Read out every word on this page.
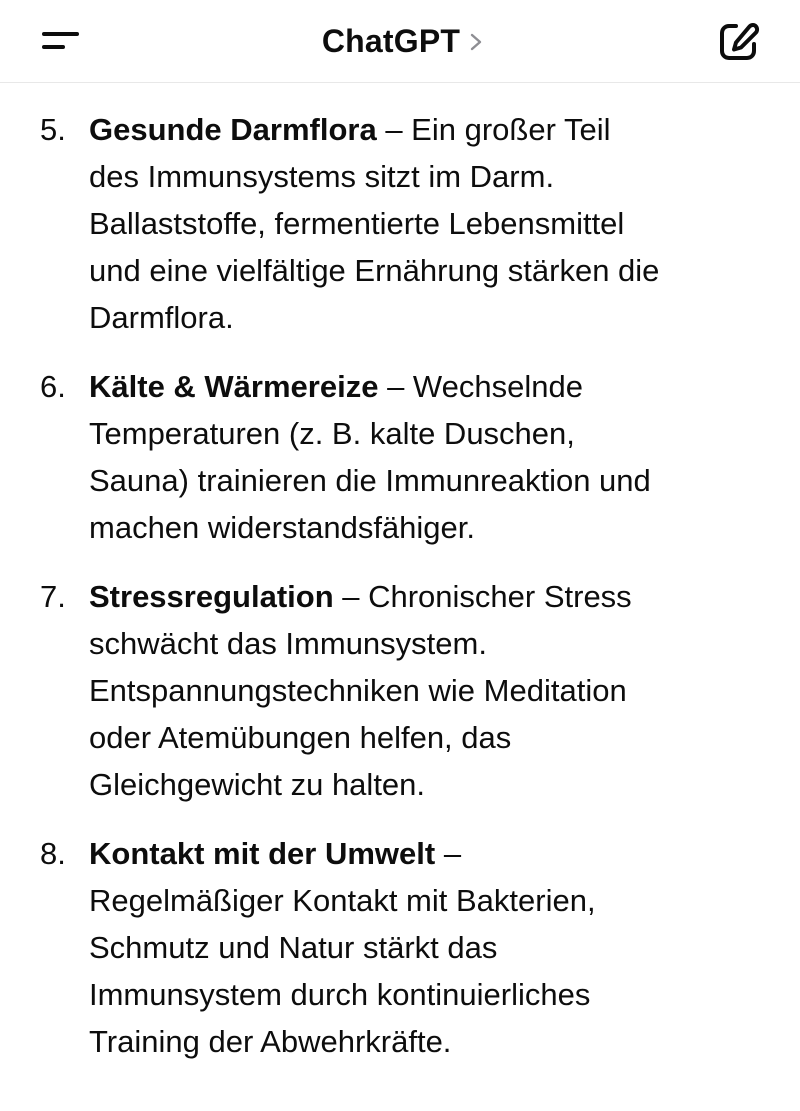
ChatGPT
5. Gesunde Darmflora – Ein großer Teil
des Immunsystems sitzt im Darm.
Ballaststoffe, fermentierte Lebensmittel
und eine vielfältige Ernährung stärken die
Darmflora.
6. Kälte & Wärmereize – Wechselnde
Temperaturen (z. B. kalte Duschen,
Sauna) trainieren die Immunreaktion und
machen widerstandsfähiger.
7. Stressregulation – Chronischer Stress
schwächt das Immunsystem.
Entspannungstechniken wie Meditation
oder Atemübungen helfen, das
Gleichgewicht zu halten.
8. Kontakt mit der Umwelt –
Regelmäßiger Kontakt mit Bakterien,
Schmutz und Natur stärkt das
Immunsystem durch kontinuierliches
Training der Abwehrkräfte.
